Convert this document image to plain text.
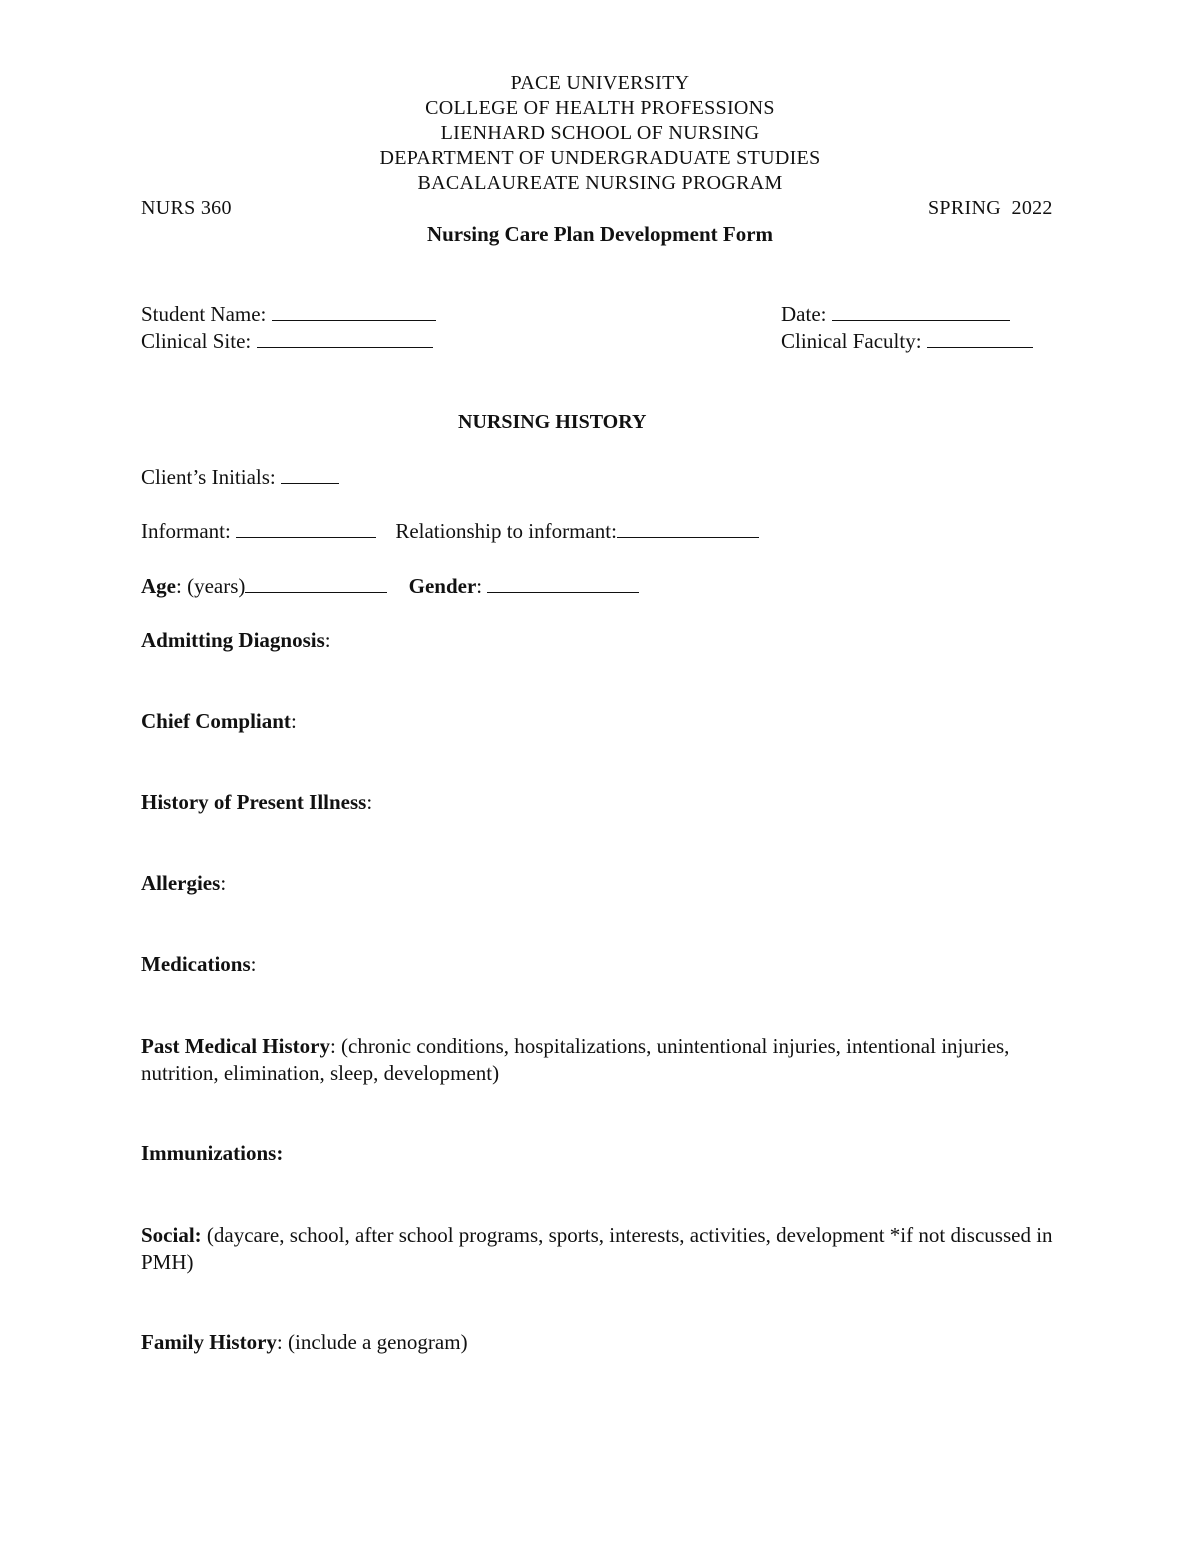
PACE UNIVERSITY
COLLEGE OF HEALTH PROFESSIONS
LIENHARD SCHOOL OF NURSING
DEPARTMENT OF UNDERGRADUATE STUDIES
BACALAUREATE NURSING PROGRAM
NURS 360	SPRING  2022
Nursing Care Plan Development Form
Student Name:	Date:
Clinical Site:	Clinical Faculty:
NURSING HISTORY
Client’s Initials:
Informant:	Relationship to informant:
Age: (years)	Gender:
Admitting Diagnosis:
Chief Compliant:
History of Present Illness:
Allergies:
Medications:
Past Medical History: (chronic conditions, hospitalizations, unintentional injuries, intentional injuries, nutrition, elimination, sleep, development)
Immunizations:
Social: (daycare, school, after school programs, sports, interests, activities, development *if not discussed in PMH)
Family History: (include a genogram)
